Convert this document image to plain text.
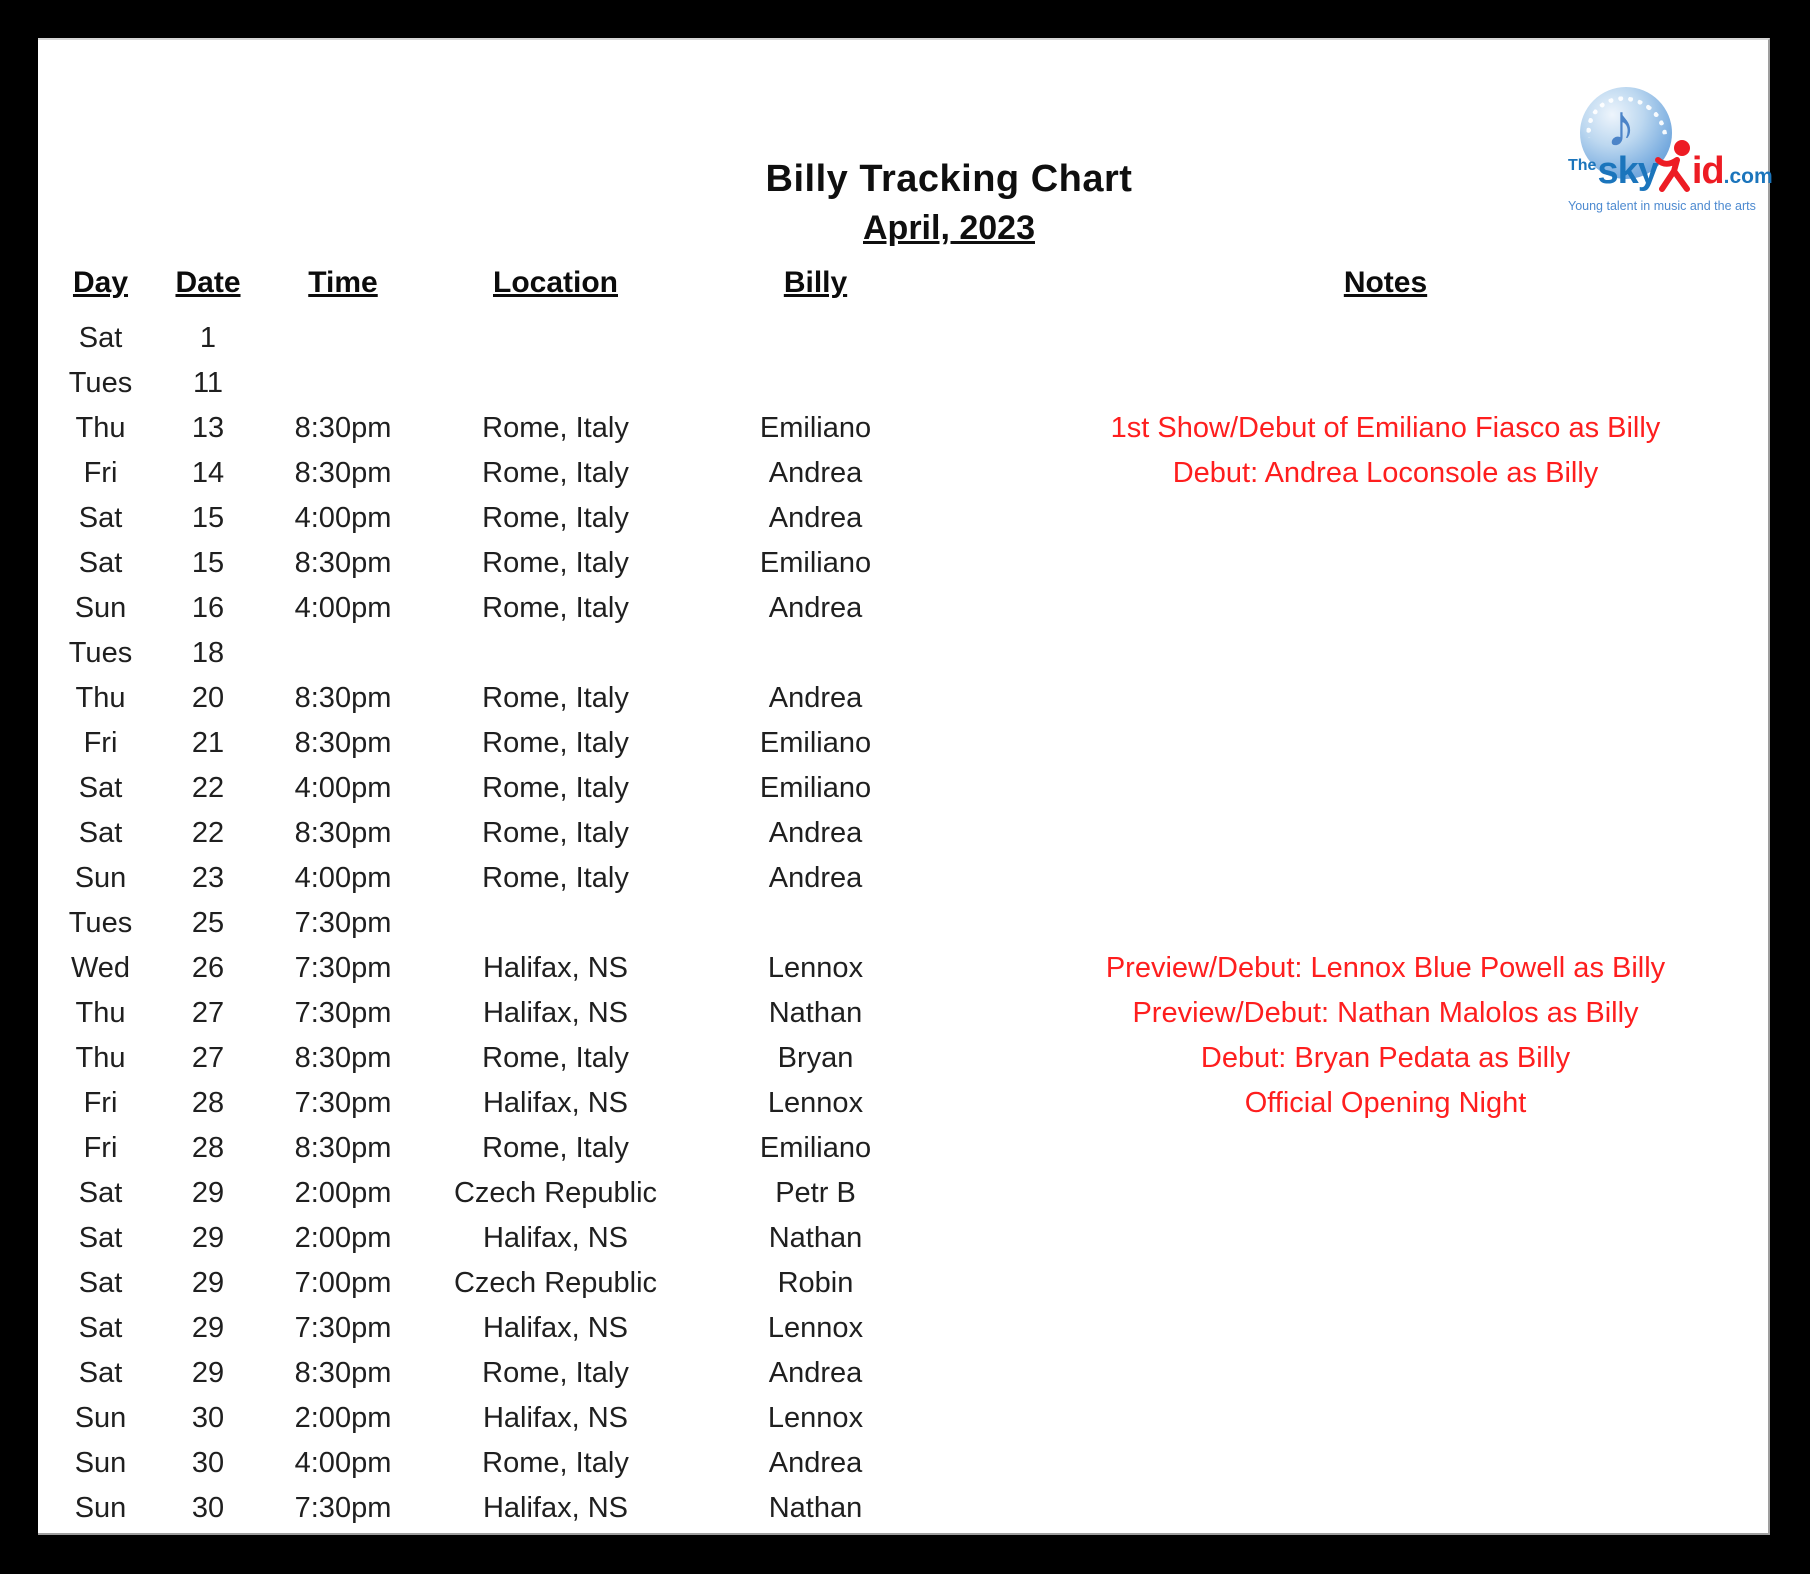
♪
The sky id .com
Young talent in music and the arts
Billy Tracking Chart
April, 2023
Day	Date	Time	Location	Billy	Notes
Sat	1				
Tues	11				
Thu	13	8:30pm	Rome, Italy	Emiliano	1st Show/Debut of Emiliano Fiasco as Billy
Fri	14	8:30pm	Rome, Italy	Andrea	Debut: Andrea Loconsole as Billy
Sat	15	4:00pm	Rome, Italy	Andrea	
Sat	15	8:30pm	Rome, Italy	Emiliano	
Sun	16	4:00pm	Rome, Italy	Andrea	
Tues	18				
Thu	20	8:30pm	Rome, Italy	Andrea	
Fri	21	8:30pm	Rome, Italy	Emiliano	
Sat	22	4:00pm	Rome, Italy	Emiliano	
Sat	22	8:30pm	Rome, Italy	Andrea	
Sun	23	4:00pm	Rome, Italy	Andrea	
Tues	25	7:30pm			
Wed	26	7:30pm	Halifax, NS	Lennox	Preview/Debut: Lennox Blue Powell as Billy
Thu	27	7:30pm	Halifax, NS	Nathan	Preview/Debut: Nathan Malolos as Billy
Thu	27	8:30pm	Rome, Italy	Bryan	Debut: Bryan Pedata as Billy
Fri	28	7:30pm	Halifax, NS	Lennox	Official Opening Night
Fri	28	8:30pm	Rome, Italy	Emiliano	
Sat	29	2:00pm	Czech Republic	Petr B	
Sat	29	2:00pm	Halifax, NS	Nathan	
Sat	29	7:00pm	Czech Republic	Robin	
Sat	29	7:30pm	Halifax, NS	Lennox	
Sat	29	8:30pm	Rome, Italy	Andrea	
Sun	30	2:00pm	Halifax, NS	Lennox	
Sun	30	4:00pm	Rome, Italy	Andrea	
Sun	30	7:30pm	Halifax, NS	Nathan	
